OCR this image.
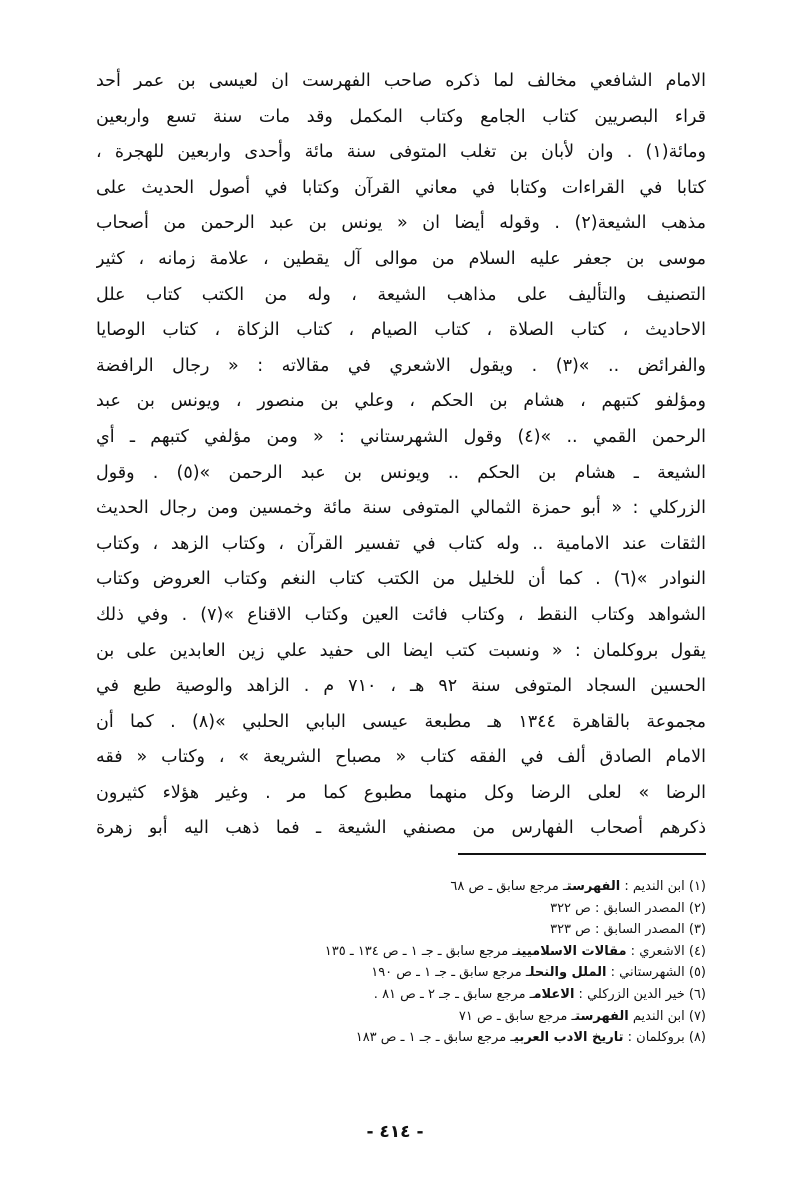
الامام الشافعي مخالف لما ذكره صاحب الفهرست ان لعيسى بن عمر أحد
قراء البصريين كتاب الجامع وكتاب المكمل وقد مات سنة تسع واربعين
ومائة(١) . وان لأبان بن تغلب المتوفى سنة مائة وأحدى واربعين للهجرة ،
كتابا في القراءات وكتابا في معاني القرآن وكتابا في أصول الحديث على
مذهب الشيعة(٢) . وقوله أيضا ان « يونس بن عبد الرحمن من أصحاب
موسى بن جعفر عليه السلام من موالى آل يقطين ، علامة زمانه ، كثير
التصنيف والتأليف على مذاهب الشيعة ، وله من الكتب كتاب علل
الاحاديث ، كتاب الصلاة ، كتاب الصيام ، كتاب الزكاة ، كتاب الوصايا
والفرائض .. »(٣) . ويقول الاشعري في مقالاته : « رجال الرافضة
ومؤلفو كتبهم ، هشام بن الحكم ، وعلي بن منصور ، ويونس بن عبد
الرحمن القمي .. »(٤) وقول الشهرستاني : « ومن مؤلفي كتبهم ـ أي
الشيعة ـ هشام بن الحكم .. ويونس بن عبد الرحمن »(٥) . وقول
الزركلي : « أبو حمزة الثمالي المتوفى سنة مائة وخمسين ومن رجال الحديث
الثقات عند الامامية .. وله كتاب في تفسير القرآن ، وكتاب الزهد ، وكتاب
النوادر »(٦) . كما أن للخليل من الكتب كتاب النغم وكتاب العروض وكتاب
الشواهد وكتاب النقط ، وكتاب فائت العين وكتاب الاقناع »(٧) . وفي ذلك
يقول بروكلمان : « ونسبت كتب ايضا الى حفيد علي زين العابدين على بن
الحسين السجاد المتوفى سنة ٩٢ هـ ، ٧١٠ م . الزاهد والوصية طبع في
مجموعة بالقاهرة ١٣٤٤ هـ مطبعة عيسى البابي الحلبي »(٨) . كما أن
الامام الصادق ألف في الفقه كتاب « مصباح الشريعة » ، وكتاب « فقه
الرضا » لعلى الرضا وكل منهما مطبوع كما مر . وغير هؤلاء كثيرون
ذكرهم أصحاب الفهارس من مصنفي الشيعة ـ فما ذهب اليه أبو زهرة
(١) ابن النديم : الفهرستـ مرجع سابق ـ ص ٦٨
(٢) المصدر السابق : ص ٣٢٢
(٣) المصدر السابق : ص ٣٢٣
(٤) الاشعري : مقالات الاسلاميينـ مرجع سابق ـ جـ ١ ـ ص ١٣٤ ـ ١٣٥
(٥) الشهرستاني : الملل والنحلـ مرجع سابق ـ جـ ١ ـ ص ١٩٠
(٦) خير الدين الزركلي : الاعلامـ مرجع سابق ـ جـ ٢ ـ ص ٨١ .
(٧) ابن النديم الفهرستـ مرجع سابق ـ ص ٧١
(٨) بروكلمان : تاريخ الادب العربيـ مرجع سابق ـ جـ ١ ـ ص ١٨٣
- ٤١٤ -
